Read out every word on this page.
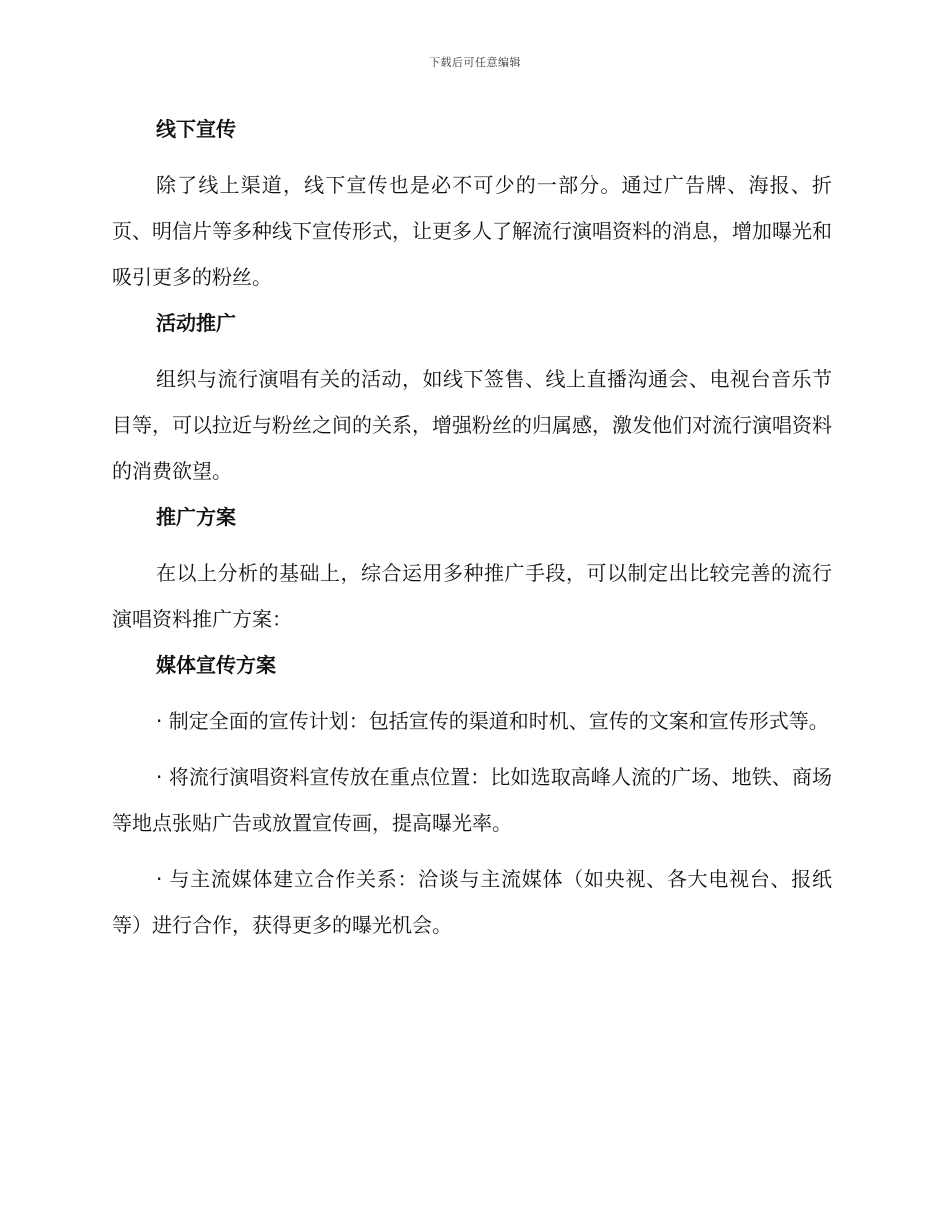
下载后可任意编辑
线下宣传

除了线上渠道，线下宣传也是必不可少的一部分。通过广告牌、海报、折页、明信片等多种线下宣传形式，让更多人了解流行演唱资料的消息，增加曝光和吸引更多的粉丝。

活动推广

组织与流行演唱有关的活动，如线下签售、线上直播沟通会、电视台音乐节目等，可以拉近与粉丝之间的关系，增强粉丝的归属感，激发他们对流行演唱资料的消费欲望。

推广方案

在以上分析的基础上，综合运用多种推广手段，可以制定出比较完善的流行演唱资料推广方案：

媒体宣传方案

· 制定全面的宣传计划：包括宣传的渠道和时机、宣传的文案和宣传形式等。

· 将流行演唱资料宣传放在重点位置：比如选取高峰人流的广场、地铁、商场等地点张贴广告或放置宣传画，提高曝光率。

· 与主流媒体建立合作关系：洽谈与主流媒体（如央视、各大电视台、报纸等）进行合作，获得更多的曝光机会。
